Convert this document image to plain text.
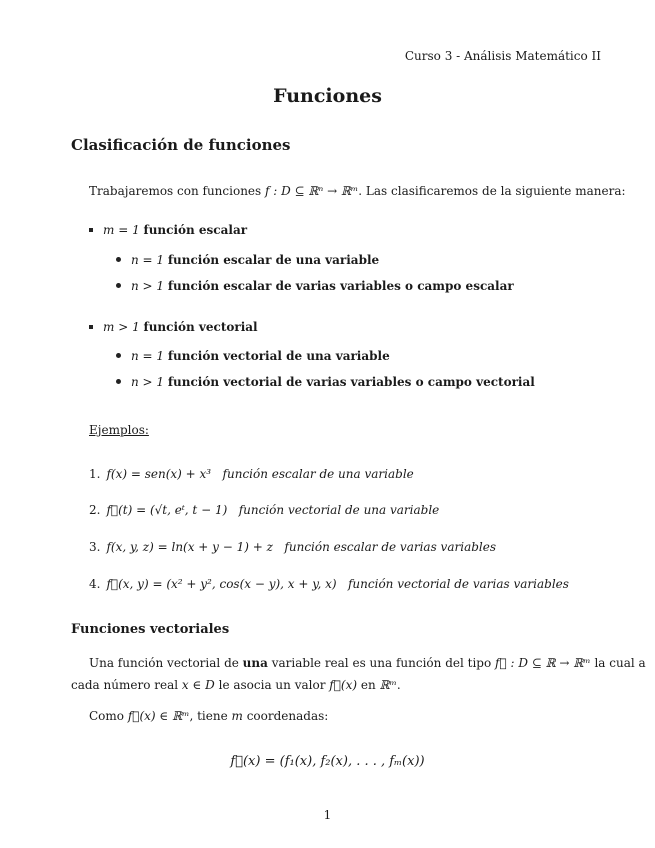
Curso 3 - Análisis Matemático II
Funciones
Clasificación de funciones
Trabajaremos con funciones f : D ⊆ ℝⁿ → ℝᵐ. Las clasificaremos de la siguiente manera:
m = 1 función escalar
n = 1 función escalar de una variable
n > 1 función escalar de varias variables o campo escalar
m > 1 función vectorial
n = 1 función vectorial de una variable
n > 1 función vectorial de varias variables o campo vectorial
Ejemplos:
1. f(x) = sen(x) + x³ función escalar de una variable
2. f⃗(t) = (√t, eᵗ, t − 1) función vectorial de una variable
3. f(x, y, z) = ln(x + y − 1) + z función escalar de varias variables
4. f⃗(x, y) = (x² + y², cos(x − y), x + y, x) función vectorial de varias variables
Funciones vectoriales
Una función vectorial de una variable real es una función del tipo f⃗ : D ⊆ ℝ → ℝᵐ la cual a
cada número real x ∈ D le asocia un valor f⃗(x) en ℝᵐ.
Como f⃗(x) ∈ ℝᵐ, tiene m coordenadas:
f⃗(x) = (f₁(x), f₂(x), . . . , fₘ(x))
1
